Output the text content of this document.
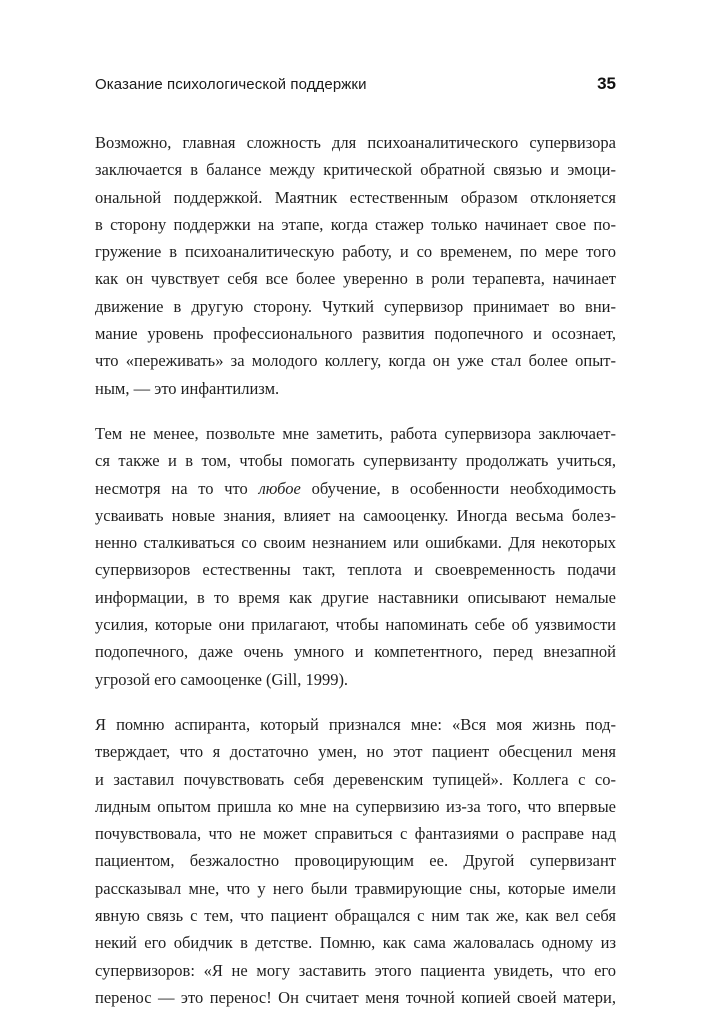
Оказание психологической поддержки	35
Возможно, главная сложность для психоаналитического супервизора
заключается в балансе между критической обратной связью и эмоци-
ональной поддержкой. Маятник естественным образом отклоняется
в сторону поддержки на этапе, когда стажер только начинает свое по-
гружение в психоаналитическую работу, и со временем, по мере того
как он чувствует себя все более уверенно в роли терапевта, начинает
движение в другую сторону. Чуткий супервизор принимает во вни-
мание уровень профессионального развития подопечного и осознает,
что «переживать» за молодого коллегу, когда он уже стал более опыт-
ным, — это инфантилизм.
Тем не менее, позвольте мне заметить, работа супервизора заключает-
ся также и в том, чтобы помогать супервизанту продолжать учиться,
несмотря на то что любое обучение, в особенности необходимость
усваивать новые знания, влияет на самооценку. Иногда весьма болез-
ненно сталкиваться со своим незнанием или ошибками. Для некоторых
супервизоров естественны такт, теплота и своевременность подачи
информации, в то время как другие наставники описывают немалые
усилия, которые они прилагают, чтобы напоминать себе об уязвимости
подопечного, даже очень умного и компетентного, перед внезапной
угрозой его самооценке (Gill, 1999).
Я помню аспиранта, который признался мне: «Вся моя жизнь под-
тверждает, что я достаточно умен, но этот пациент обесценил меня
и заставил почувствовать себя деревенским тупицей». Коллега с со-
лидным опытом пришла ко мне на супервизию из-за того, что впервые
почувствовала, что не может справиться с фантазиями о расправе над
пациентом, безжалостно провоцирующим ее. Другой супервизант
рассказывал мне, что у него были травмирующие сны, которые имели
явную связь с тем, что пациент обращался с ним так же, как вел себя
некий его обидчик в детстве. Помню, как сама жаловалась одному из
супервизоров: «Я не могу заставить этого пациента увидеть, что его
перенос — это перенос! Он считает меня точной копией своей матери,
